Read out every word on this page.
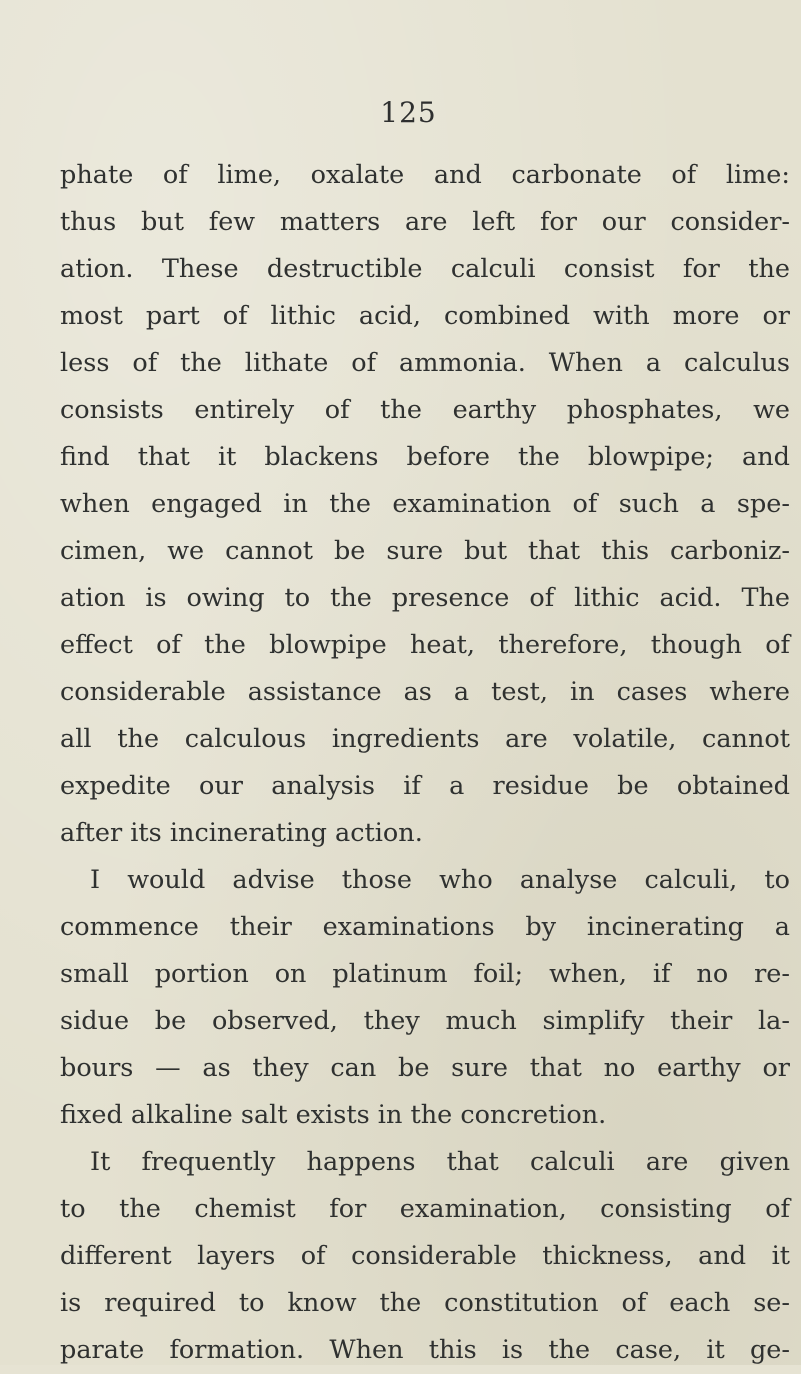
125
phate of lime, oxalate and carbonate of lime:
thus but few matters are left for our consider-
ation. These destructible calculi consist for the
most part of lithic acid, combined with more or
less of the lithate of ammonia. When a calculus
consists entirely of the earthy phosphates, we
find that it blackens before the blowpipe; and
when engaged in the examination of such a spe-
cimen, we cannot be sure but that this carboniz-
ation is owing to the presence of lithic acid. The
effect of the blowpipe heat, therefore, though of
considerable assistance as a test, in cases where
all the calculous ingredients are volatile, cannot
expedite our analysis if a residue be obtained
after its incinerating action.
I would advise those who analyse calculi, to
commence their examinations by incinerating a
small portion on platinum foil; when, if no re-
sidue be observed, they much simplify their la-
bours — as they can be sure that no earthy or
fixed alkaline salt exists in the concretion.
It frequently happens that calculi are given
to the chemist for examination, consisting of
different layers of considerable thickness, and it
is required to know the constitution of each se-
parate formation. When this is the case, it ge-
